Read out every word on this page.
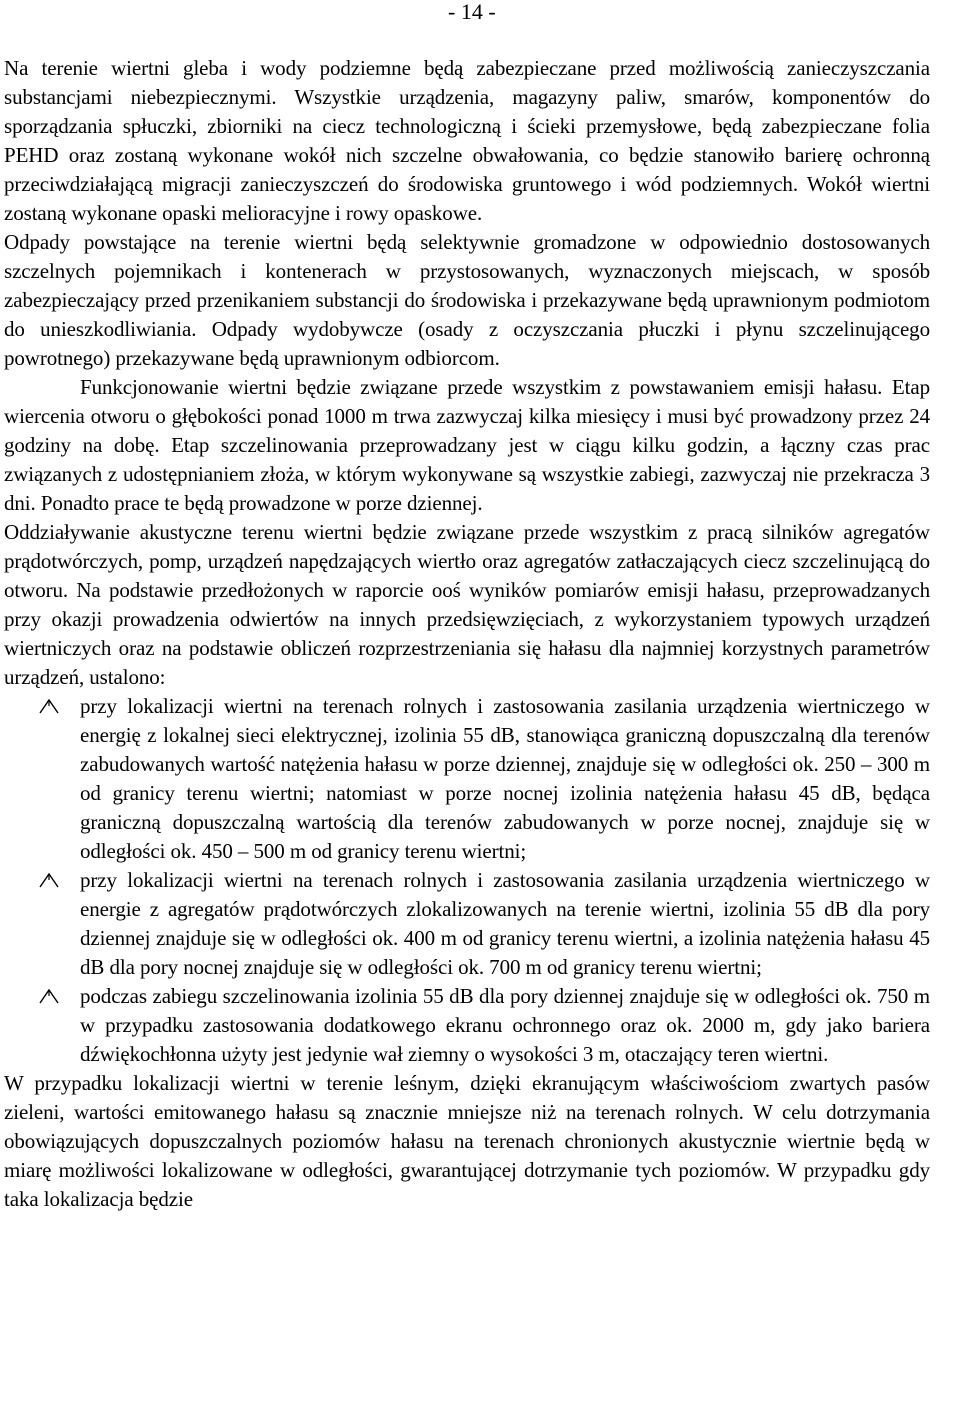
- 14 -

Na terenie wiertni gleba i wody podziemne będą zabezpieczane przed możliwością zanieczyszczania substancjami niebezpiecznymi. Wszystkie urządzenia, magazyny paliw, smarów, komponentów do sporządzania spłuczki, zbiorniki na ciecz technologiczną i ścieki przemysłowe, będą zabezpieczane folia PEHD oraz zostaną wykonane wokół nich szczelne obwałowania, co będzie stanowiło barierę ochronną przeciwdziałającą migracji zanieczyszczeń do środowiska gruntowego i wód podziemnych. Wokół wiertni zostaną wykonane opaski melioracyjne i rowy opaskowe.

Odpady powstające na terenie wiertni będą selektywnie gromadzone w odpowiednio dostosowanych szczelnych pojemnikach i kontenerach w przystosowanych, wyznaczonych miejscach, w sposób zabezpieczający przed przenikaniem substancji do środowiska i przekazywane będą uprawnionym podmiotom do unieszkodliwiania. Odpady wydobywcze (osady z oczyszczania płuczki i płynu szczelinującego powrotnego) przekazywane będą uprawnionym odbiorcom.

Funkcjonowanie wiertni będzie związane przede wszystkim z powstawaniem emisji hałasu. Etap wiercenia otworu o głębokości ponad 1000 m trwa zazwyczaj kilka miesięcy i musi być prowadzony przez 24 godziny na dobę. Etap szczelinowania przeprowadzany jest w ciągu kilku godzin, a łączny czas prac związanych z udostępnianiem złoża, w którym wykonywane są wszystkie zabiegi, zazwyczaj nie przekracza 3 dni. Ponadto prace te będą prowadzone w porze dziennej.

Oddziaływanie akustyczne terenu wiertni będzie związane przede wszystkim z pracą silników agregatów prądotwórczych, pomp, urządzeń napędzających wiertło oraz agregatów zatłaczających ciecz szczelinującą do otworu. Na podstawie przedłożonych w raporcie ooś wyników pomiarów emisji hałasu, przeprowadzanych przy okazji prowadzenia odwiertów na innych przedsięwzięciach, z wykorzystaniem typowych urządzeń wiertniczych oraz na podstawie obliczeń rozprzestrzeniania się hałasu dla najmniej korzystnych parametrów urządzeń, ustalono:

przy lokalizacji wiertni na terenach rolnych i zastosowania zasilania urządzenia wiertniczego w energię z lokalnej sieci elektrycznej, izolinia 55 dB, stanowiąca graniczną dopuszczalną dla terenów zabudowanych wartość natężenia hałasu w porze dziennej, znajduje się w odległości ok. 250 – 300 m od granicy terenu wiertni; natomiast w porze nocnej izolinia natężenia hałasu 45 dB, będąca graniczną dopuszczalną wartością dla terenów zabudowanych w porze nocnej, znajduje się w odległości ok. 450 – 500 m od granicy terenu wiertni;
przy lokalizacji wiertni na terenach rolnych i zastosowania zasilania urządzenia wiertniczego w energie z agregatów prądotwórczych zlokalizowanych na terenie wiertni, izolinia 55 dB dla pory dziennej znajduje się w odległości ok. 400 m od granicy terenu wiertni, a izolinia natężenia hałasu 45 dB dla pory nocnej znajduje się w odległości ok. 700 m od granicy terenu wiertni;
podczas zabiegu szczelinowania izolinia 55 dB dla pory dziennej znajduje się w odległości ok. 750 m w przypadku zastosowania dodatkowego ekranu ochronnego oraz ok. 2000 m, gdy jako bariera dźwiękochłonna użyty jest jedynie wał ziemny o wysokości 3 m, otaczający teren wiertni.

W przypadku lokalizacji wiertni w terenie leśnym, dzięki ekranującym właściwościom zwartych pasów zieleni, wartości emitowanego hałasu są znacznie mniejsze niż na terenach rolnych. W celu dotrzymania obowiązujących dopuszczalnych poziomów hałasu na terenach chronionych akustycznie wiertnie będą w miarę możliwości lokalizowane w odległości, gwarantującej dotrzymanie tych poziomów. W przypadku gdy taka lokalizacja będzie
